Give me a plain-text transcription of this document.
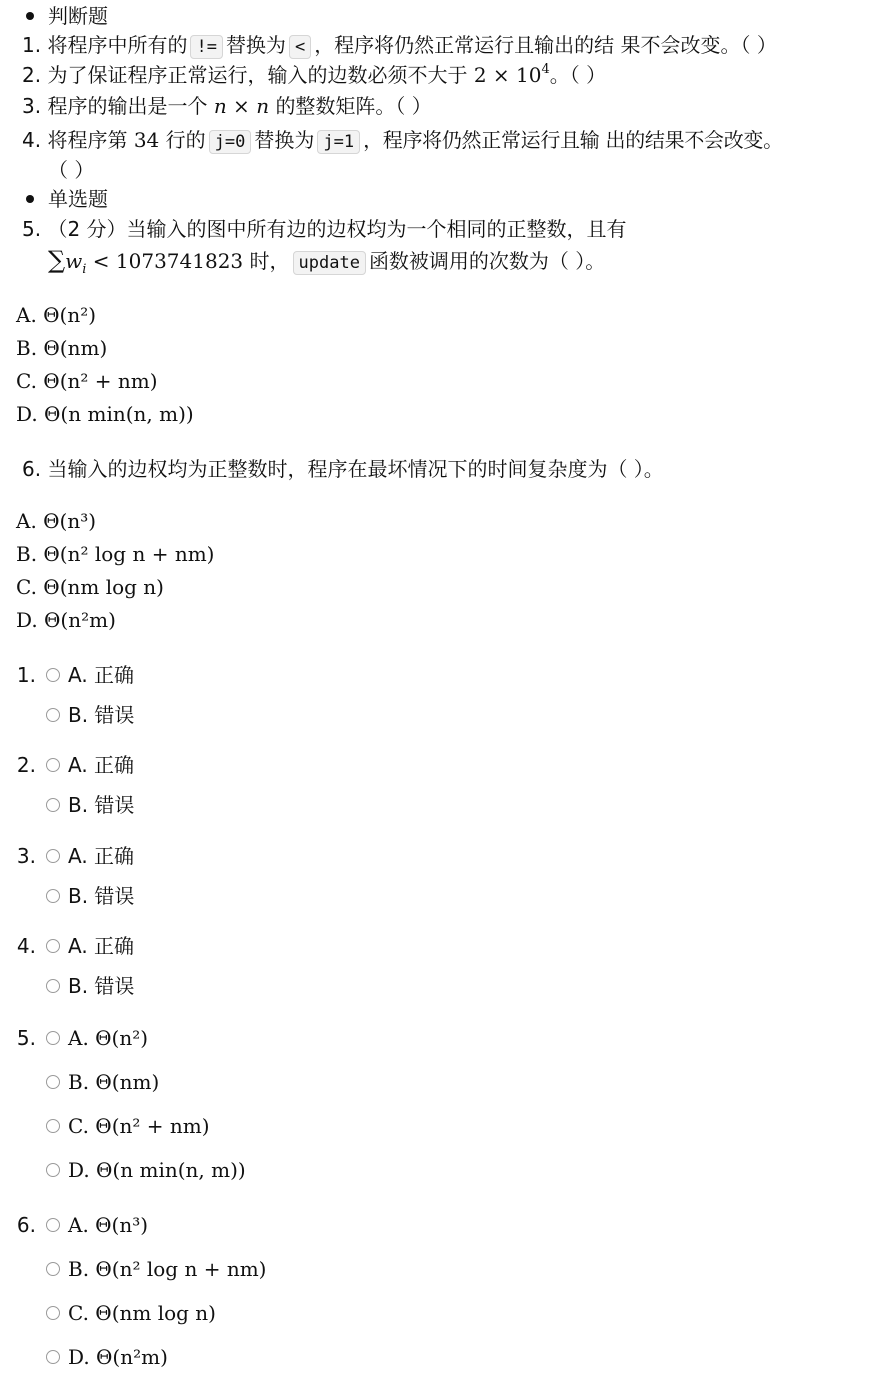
判断题
1. 将程序中所有的 != 替换为 < ，程序将仍然正常运行且输出的结 果不会改变。（ ）
2. 为了保证程序正常运行，输入的边数必须不大于 $2 \times 10^4$。（ ）
3. 程序的输出是一个 n × n 的整数矩阵。（ ）
4. 将程序第 34 行的 j=0 替换为 j=1 ，程序将仍然正常运行且输 出的结果不会改变。
（ ）
单选题
5. （2 分）当输入的图中所有边的边权均为一个相同的正整数，且有
$\sum w_i < 1073741823$ 时， update 函数被调用的次数为（ ）。
A. Θ(n²)
B. Θ(nm)
C. Θ(n² + nm)
D. Θ(n min(n, m))
6. 当输入的边权均为正整数时，程序在最坏情况下的时间复杂度为（ ）。
A. Θ(n³)
B. Θ(n² log n + nm)
C. Θ(nm log n)
D. Θ(n²m)
1. A. 正确
B. 错误
2. A. 正确
B. 错误
3. A. 正确
B. 错误
4. A. 正确
B. 错误
5. A. Θ(n²)
B. Θ(nm)
C. Θ(n² + nm)
D. Θ(n min(n, m))
6. A. Θ(n³)
B. Θ(n² log n + nm)
C. Θ(nm log n)
D. Θ(n²m)
